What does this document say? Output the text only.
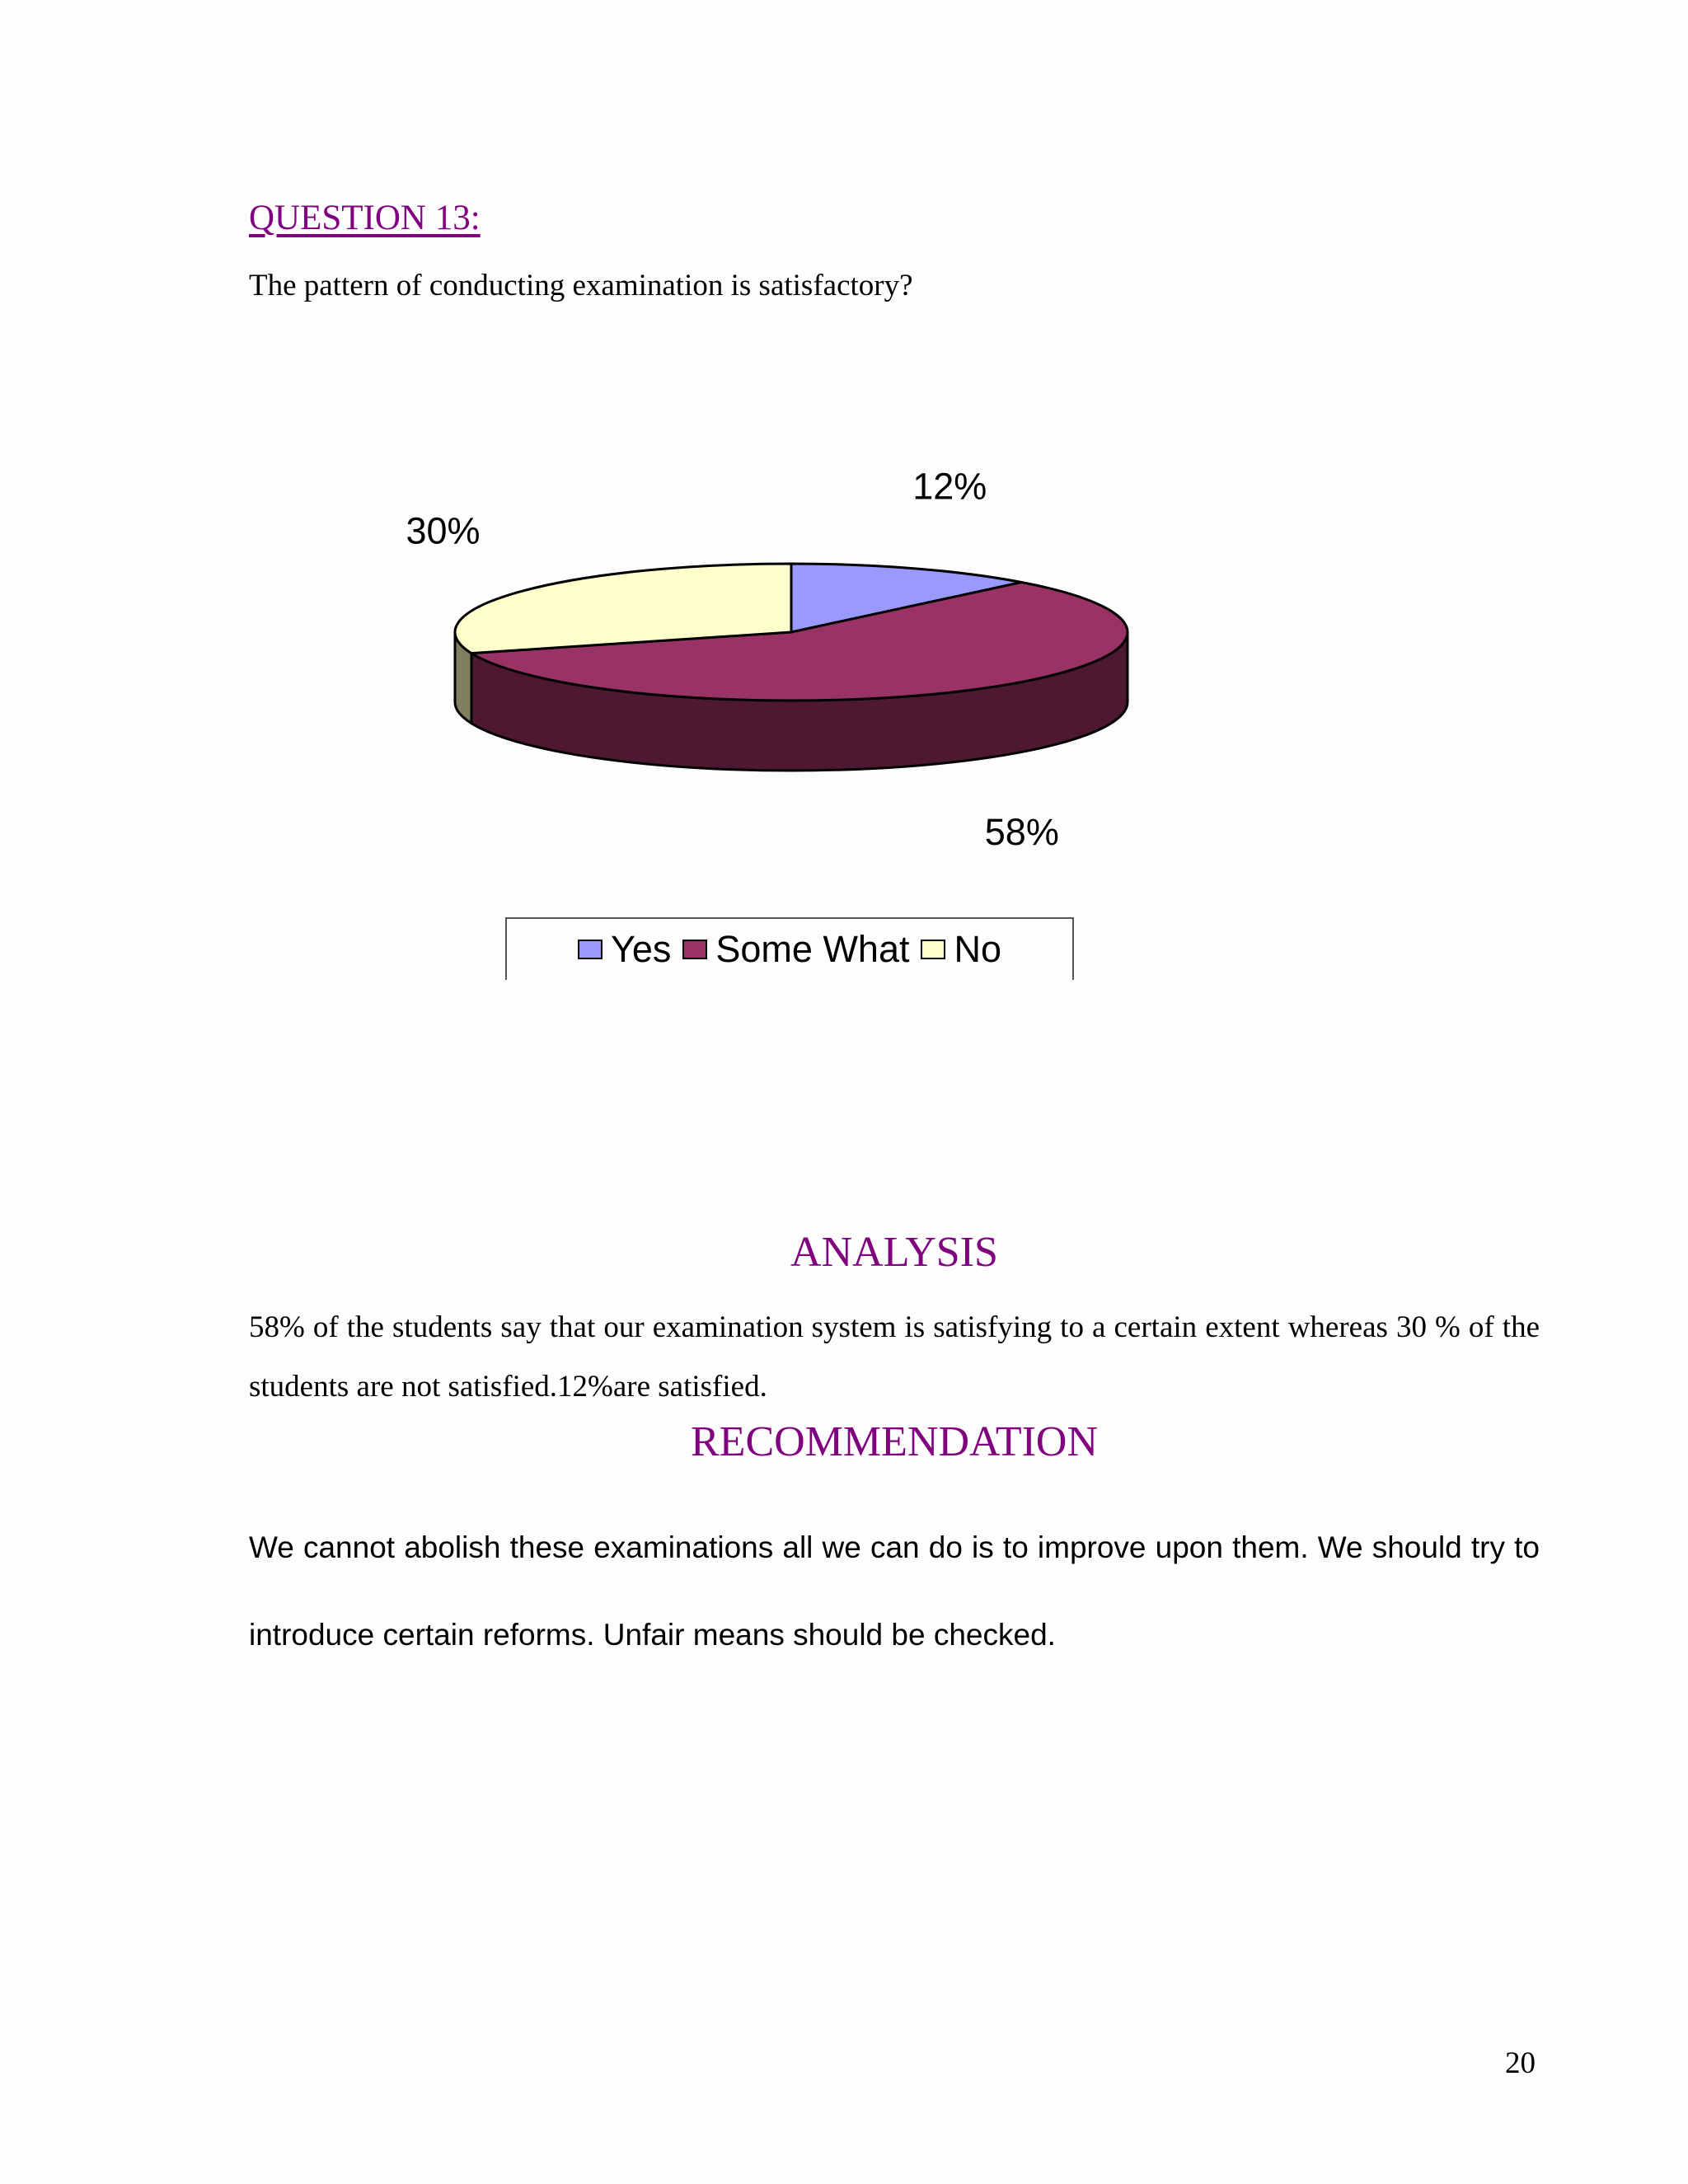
QUESTION 13:

The pattern of conducting examination is satisfactory?

12%
58%
30%
Yes Some What No
ANALYSIS

58% of the students say that our examination system is satisfying to a certain extent whereas 30 % of the students are not satisfied.12%are satisfied.

RECOMMENDATION

We cannot abolish these examinations all we can do is to improve upon them. We should try to introduce certain reforms. Unfair means should be checked.

20
